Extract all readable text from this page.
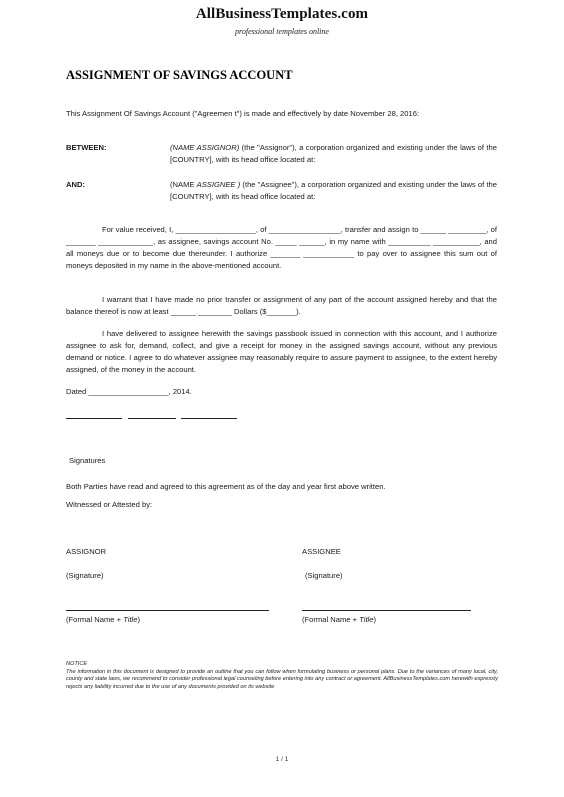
AllBusinessTemplates.com
professional templates online
ASSIGNMENT OF SAVINGS ACCOUNT
This Assignment Of Savings Account ("Agreemen t") is made and effectively by date November 28, 2016:
BETWEEN:	(NAME ASSIGNOR) (the "Assignor"), a corporation organized and existing under the laws of the [COUNTRY], with its head office located at:
AND:	(NAME ASSIGNEE ) (the "Assignee"), a corporation organized and existing under the laws of the [COUNTRY], with its head office located at:
For value received, I, ___________________, of _________________, transfer and assign to ______ _________, of _______ _____________, as assignee, savings account No. _____ ______, in my name with __________ ___________, and all moneys due or to become due thereunder. I authorize _______ ____________ to pay over to assignee this sum out of moneys deposited in my name in the above-mentioned account.
I warrant that I have made no prior transfer or assignment of any part of the account assigned hereby and that the balance thereof is now at least ______ ________ Dollars ($_______).
I have delivered to assignee herewith the savings passbook issued in connection with this account, and I authorize assignee to ask for, demand, collect, and give a receipt for money in the assigned savings account, without any previous demand or notice. I agree to do whatever assignee may reasonably require to assure payment to assignee, to the extent hereby assigned, of the money in the account.
Dated ___________________, 2014.
Signatures
Both Parties have read and agreed to this agreement as of the day and year first above written.
Witnessed or Attested by:
ASSIGNOR	ASSIGNEE
(Signature)	(Signature)
(Formal Name + Title)	(Formal Name + Title)
NOTICE
The information in this document is designed to provide an outline that you can follow when formulating business or personal plans. Due to the variances of many local, city, county and state laws, we recommend to consider professional legal counseling before entering into any contract or agreement. AllBusinessTemplates.com herewith expressly rejects any liability incurred due to the use of any documents provided on its website
1 / 1
